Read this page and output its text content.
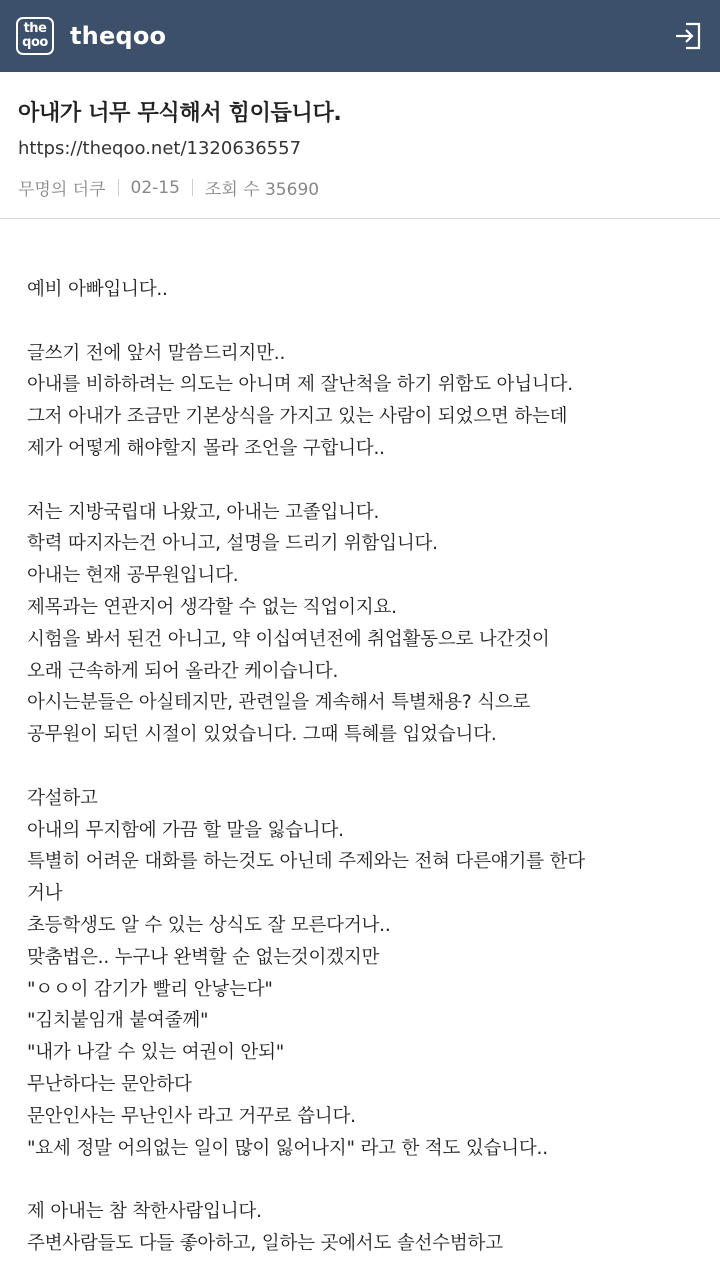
the
qoo theqoo
아내가 너무 무식해서 힘이듭니다.
https://theqoo.net/1320636557
무명의 더쿠 02-15 조회 수 35690
예비 아빠입니다..
글쓰기 전에 앞서 말씀드리지만..
아내를 비하하려는 의도는 아니며 제 잘난척을 하기 위함도 아닙니다.
그저 아내가 조금만 기본상식을 가지고 있는 사람이 되었으면 하는데
제가 어떻게 해야할지 몰라 조언을 구합니다..
저는 지방국립대 나왔고, 아내는 고졸입니다.
학력 따지자는건 아니고, 설명을 드리기 위함입니다.
아내는 현재 공무원입니다.
제목과는 연관지어 생각할 수 없는 직업이지요.
시험을 봐서 된건 아니고, 약 이십여년전에 취업활동으로 나간것이
오래 근속하게 되어 올라간 케이습니다.
아시는분들은 아실테지만, 관련일을 계속해서 특별채용? 식으로
공무원이 되던 시절이 있었습니다. 그때 특혜를 입었습니다.
각설하고
아내의 무지함에 가끔 할 말을 잃습니다.
특별히 어려운 대화를 하는것도 아닌데 주제와는 전혀 다른얘기를 한다
거나
초등학생도 알 수 있는 상식도 잘 모른다거나..
맞춤법은.. 누구나 완벽할 순 없는것이겠지만
"ㅇㅇ이 감기가 빨리 안낳는다"
"김치붙임개 붙여줄께"
"내가 나갈 수 있는 여권이 안되"
무난하다는 문안하다
문안인사는 무난인사 라고 거꾸로 씁니다.
"요세 정말 어의없는 일이 많이 잃어나지" 라고 한 적도 있습니다..
제 아내는 참 착한사람입니다.
주변사람들도 다들 좋아하고, 일하는 곳에서도 솔선수범하고
